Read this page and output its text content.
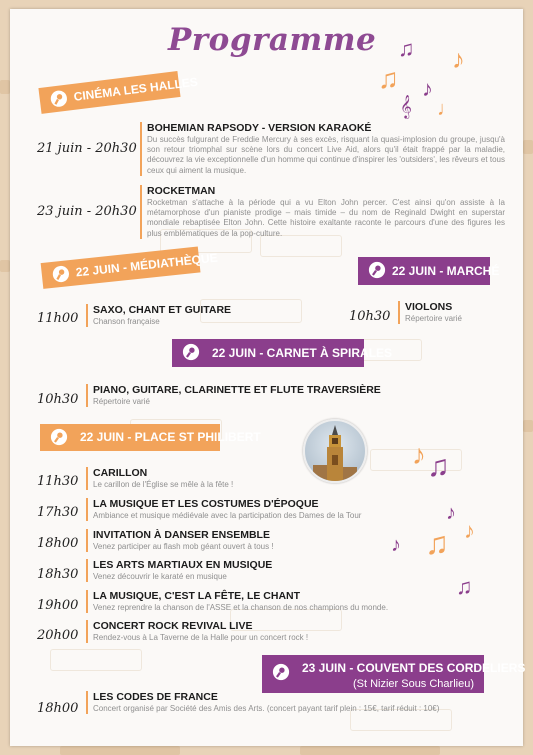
Programme ♫ ♪
♫ ♪
𝄞 ♩
♪ ♫
♪
♪
♪ ♫
♫
CINÉMA LES HALLES
22 JUIN - MÉDIATHÈQUE	22 JUIN - MARCHÉ
22 JUIN - CARNET À SPIRALES
22 JUIN - PLACE ST PHILIBERT
23 JUIN - COUVENT DES CORDELIERS
(St Nizier Sous Charlieu)
21 juin - 20h30
BOHEMIAN RAPSODY - VERSION KARAOKÉ
Du succès fulgurant de Freddie Mercury à ses excès, risquant la quasi-implosion du groupe, jusqu'à son retour triomphal sur scène lors du concert Live Aid, alors qu'il était frappé par la maladie, découvrez la vie exceptionnelle d'un homme qui continue d'inspirer les 'outsiders', les rêveurs et tous ceux qui aiment la musique.
23 juin - 20h30
ROCKETMAN
Rocketman s'attache à la période qui a vu Elton John percer. C'est ainsi qu'on assiste à la métamorphose d'un pianiste prodige – mais timide – du nom de Reginald Dwight en superstar mondiale rebaptisée Elton John. Cette histoire exaltante raconte le parcours d'une des figures les plus emblématiques de la pop-culture.
11h00
SAXO, CHANT ET GUITARE
Chanson française	10h30
VIOLONS
Répertoire varié
10h30
PIANO, GUITARE, CLARINETTE ET FLUTE TRAVERSIÈRE
Répertoire varié
11h30
CARILLON
Le carillon de l'Église se mêle à la fête !
17h30
LA MUSIQUE ET LES COSTUMES D'ÉPOQUE
Ambiance et musique médiévale avec la participation des Dames de la Tour
18h00
INVITATION À DANSER ENSEMBLE
Venez participer au flash mob géant ouvert à tous !
18h30
LES ARTS MARTIAUX EN MUSIQUE
Venez découvrir le karaté en musique
19h00
LA MUSIQUE, C'EST LA FÊTE, LE CHANT
Venez reprendre la chanson de l'ASSE et la chanson de nos champions du monde.
20h00
CONCERT ROCK REVIVAL LIVE
Rendez-vous à La Taverne de la Halle pour un concert rock !
18h00
LES CODES DE FRANCE
Concert organisé par Société des Amis des Arts. (concert payant tarif plein : 15€, tarif réduit : 10€)
